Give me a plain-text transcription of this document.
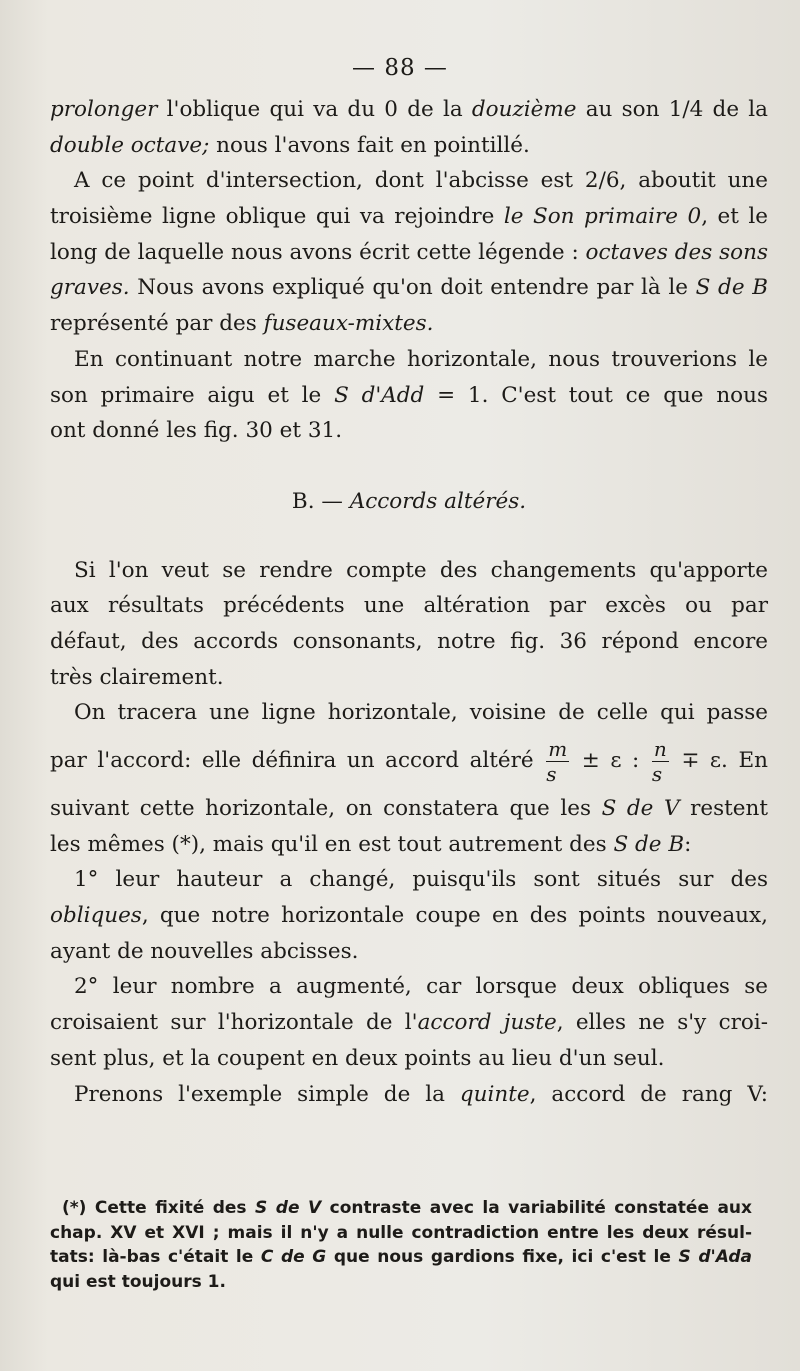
— 88 —
prolonger l'oblique qui va du 0 de la douzième au son 1/4 de la
double octave; nous l'avons fait en pointillé.
A ce point d'intersection, dont l'abcisse est 2/6, aboutit une
troisième ligne oblique qui va rejoindre le Son primaire 0, et le
long de laquelle nous avons écrit cette légende : octaves des sons
graves. Nous avons expliqué qu'on doit entendre par là le S de B
représenté par des fuseaux-mixtes.
En continuant notre marche horizontale, nous trouverions le
son primaire aigu et le S d'Add = 1. C'est tout ce que nous
ont donné les fig. 30 et 31.
B. — Accords altérés.
Si l'on veut se rendre compte des changements qu'apporte
aux résultats précédents une altération par excès ou par
défaut, des accords consonants, notre fig. 36 répond encore
très clairement.
On tracera une ligne horizontale, voisine de celle qui passe
par l'accord: elle définira un accord altéré $\frac{m}{s} \pm \varepsilon$ : $\frac{n}{s} \mp \varepsilon$. En
suivant cette horizontale, on constatera que les S de V restent
les mêmes (*), mais qu'il en est tout autrement des S de B:
1° leur hauteur a changé, puisqu'ils sont situés sur des
obliques, que notre horizontale coupe en des points nouveaux,
ayant de nouvelles abcisses.
2° leur nombre a augmenté, car lorsque deux obliques se
croisaient sur l'horizontale de l'accord juste, elles ne s'y croi-
sent plus, et la coupent en deux points au lieu d'un seul.
Prenons l'exemple simple de la quinte, accord de rang V:
(*) Cette fixité des S de V contraste avec la variabilité constatée aux
chap. XV et XVI ; mais il n'y a nulle contradiction entre les deux résul-
tats: là-bas c'était le C de G que nous gardions fixe, ici c'est le S d'Ada
qui est toujours 1.
